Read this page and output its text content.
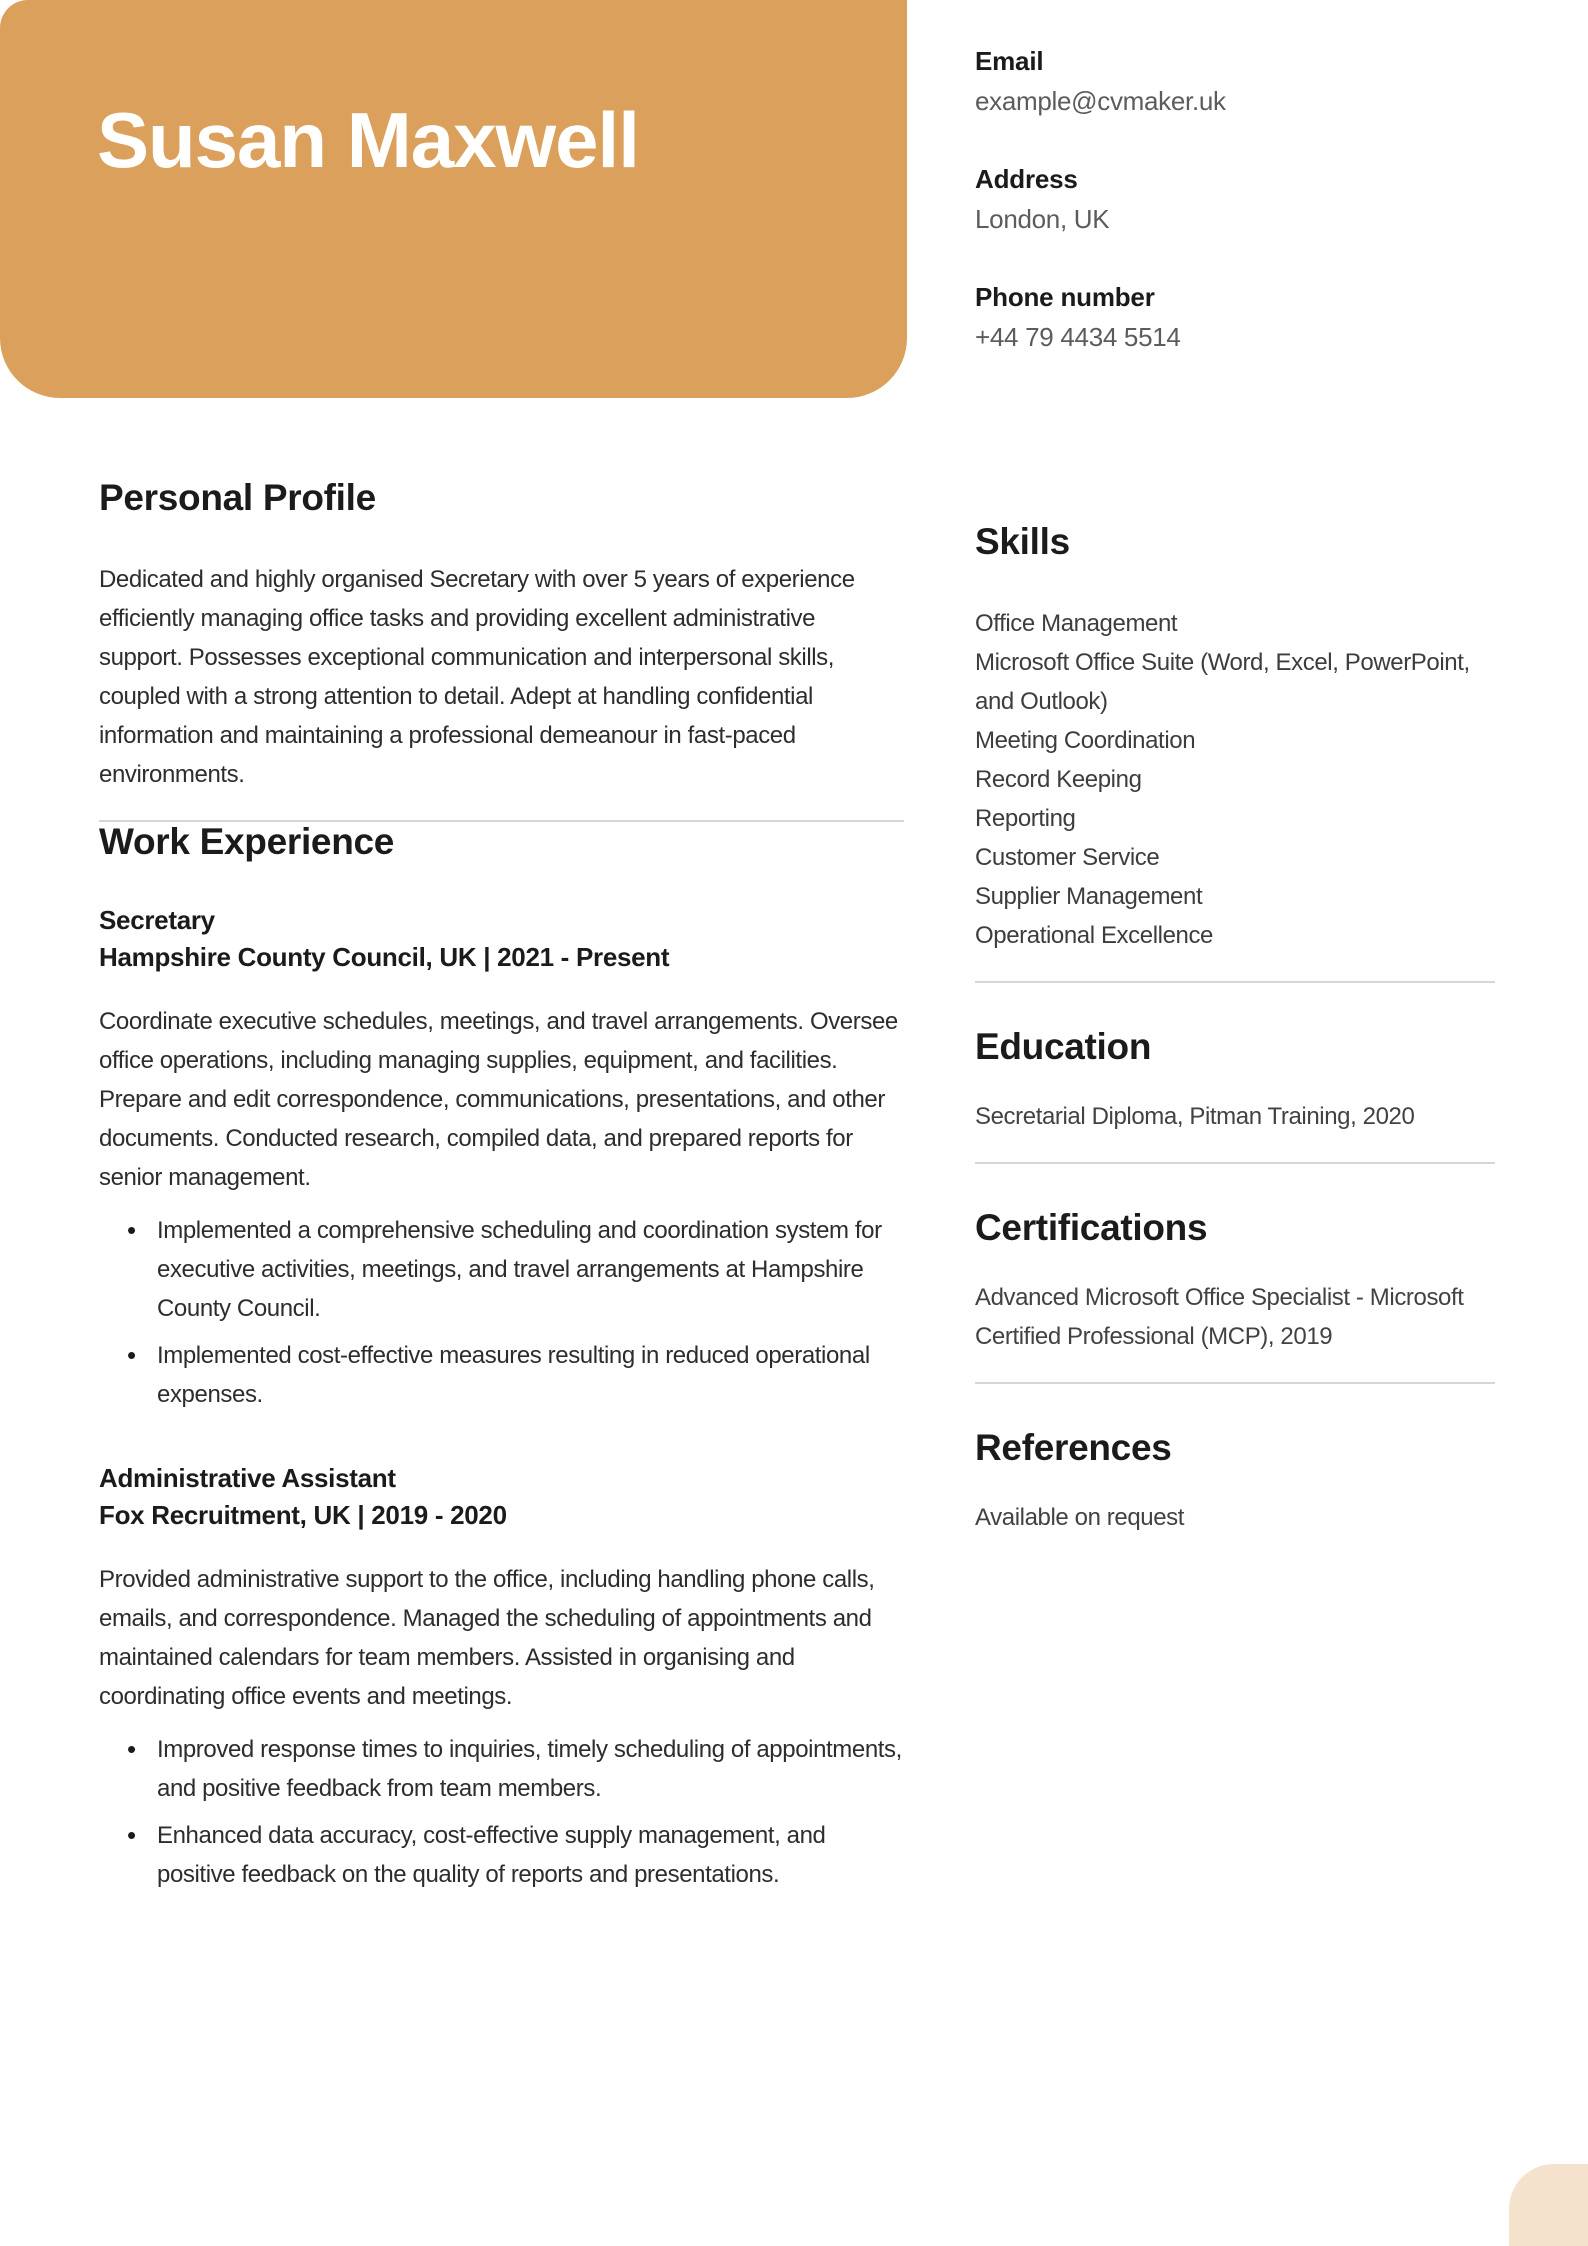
Susan Maxwell
Email
example@cvmaker.uk
Address
London, UK
Phone number
+44 79 4434 5514
Personal Profile

Dedicated and highly organised Secretary with over 5 years of experience efficiently managing office tasks and providing excellent administrative support. Possesses exceptional communication and interpersonal skills, coupled with a strong attention to detail. Adept at handling confidential information and maintaining a professional demeanour in fast-paced environments.

Work Experience
Secretary
Hampshire County Council, UK | 2021 - Present

Coordinate executive schedules, meetings, and travel arrangements. Oversee office operations, including managing supplies, equipment, and facilities. Prepare and edit correspondence, communications, presentations, and other documents. Conducted research, compiled data, and prepared reports for senior management.

• Implemented a comprehensive scheduling and coordination system for executive activities, meetings, and travel arrangements at Hampshire County Council.
• Implemented cost-effective measures resulting in reduced operational expenses.
Administrative Assistant
Fox Recruitment, UK | 2019 - 2020

Provided administrative support to the office, including handling phone calls, emails, and correspondence. Managed the scheduling of appointments and maintained calendars for team members. Assisted in organising and coordinating office events and meetings.

• Improved response times to inquiries, timely scheduling of appointments, and positive feedback from team members.
• Enhanced data accuracy, cost-effective supply management, and positive feedback on the quality of reports and presentations.
Skills
Office Management
Microsoft Office Suite (Word, Excel, PowerPoint, and Outlook)
Meeting Coordination
Record Keeping
Reporting
Customer Service
Supplier Management
Operational Excellence
Education

Secretarial Diploma, Pitman Training, 2020

Certifications

Advanced Microsoft Office Specialist - Microsoft Certified Professional (MCP), 2019

References

Available on request
